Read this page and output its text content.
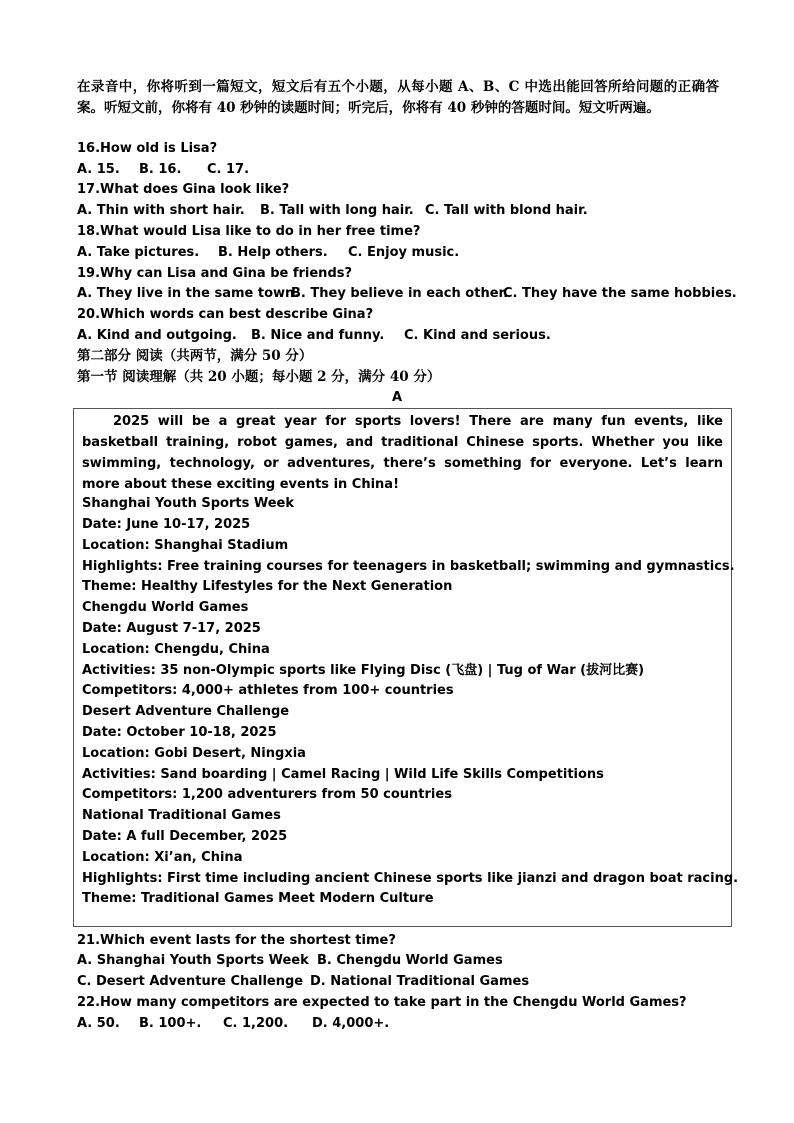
在录音中，你将听到一篇短文，短文后有五个小题，从每小题 A、B、C 中选出能回答所给问题的正确答案。听短文前，你将有 40 秒钟的读题时间；听完后，你将有 40 秒钟的答题时间。短文听两遍。
16.How old is Lisa?
A. 15. B. 16. C. 17.
17.What does Gina look like?
A. Thin with short hair. B. Tall with long hair. C. Tall with blond hair.
18.What would Lisa like to do in her free time?
A. Take pictures. B. Help others. C. Enjoy music.
19.Why can Lisa and Gina be friends?
A. They live in the same town.
B. They believe in each other.
C. They have the same hobbies.
20.Which words can best describe Gina?
A. Kind and outgoing. B. Nice and funny. C. Kind and serious.
第二部分 阅读（共两节，满分 50 分）
第一节 阅读理解（共 20 小题；每小题 2 分，满分 40 分）
A
2025 will be a great year for sports lovers! There are many fun events, like basketball training, robot games, and traditional Chinese sports. Whether you like swimming, technology, or adventures, there’s something for everyone. Let’s learn more about these exciting events in China!
Shanghai Youth Sports Week
Date: June 10-17, 2025
Location: Shanghai Stadium
Highlights: Free training courses for teenagers in basketball; swimming and gymnastics.
Theme: Healthy Lifestyles for the Next Generation
Chengdu World Games
Date: August 7-17, 2025
Location: Chengdu, China
Activities: 35 non-Olympic sports like Flying Disc (飞盘) | Tug of War (拔河比赛)
Competitors: 4,000+ athletes from 100+ countries
Desert Adventure Challenge
Date: October 10-18, 2025
Location: Gobi Desert, Ningxia
Activities: Sand boarding | Camel Racing | Wild Life Skills Competitions
Competitors: 1,200 adventurers from 50 countries
National Traditional Games
Date: A full December, 2025
Location: Xi’an, China
Highlights: First time including ancient Chinese sports like jianzi and dragon boat racing.
Theme: Traditional Games Meet Modern Culture
21.Which event lasts for the shortest time?
A. Shanghai Youth Sports Week B. Chengdu World Games
C. Desert Adventure Challenge D. National Traditional Games
22.How many competitors are expected to take part in the Chengdu World Games?
A. 50. B. 100+. C. 1,200. D. 4,000+.
